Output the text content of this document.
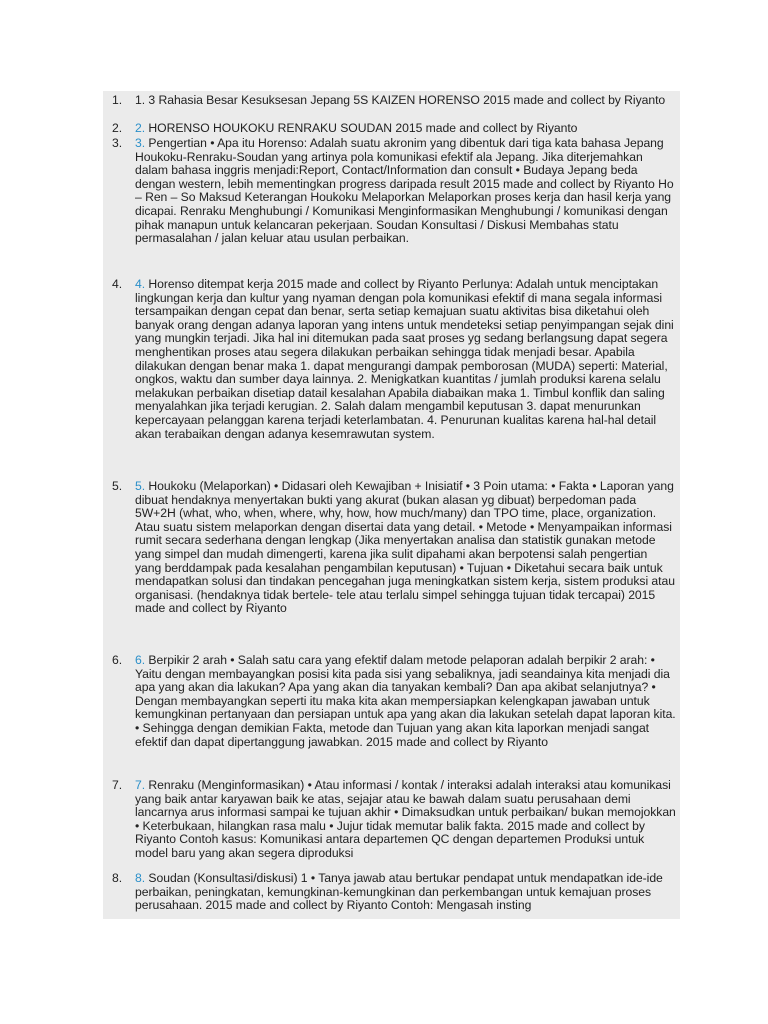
1.	1. 3 Rahasia Besar Kesuksesan Jepang 5S KAIZEN HORENSO 2015 made and collect by Riyanto
2.	2. HORENSO HOUKOKU RENRAKU SOUDAN 2015 made and collect by Riyanto
3.	3. Pengertian • Apa itu Horenso: Adalah suatu akronim yang dibentuk dari tiga kata bahasa Jepang Houkoku-Renraku-Soudan yang artinya pola komunikasi efektif ala Jepang. Jika diterjemahkan dalam bahasa inggris menjadi:Report, Contact/Information dan consult • Budaya Jepang beda dengan western, lebih mementingkan progress daripada result 2015 made and collect by Riyanto Ho – Ren – So Maksud Keterangan Houkoku Melaporkan Melaporkan proses kerja dan hasil kerja yang dicapai. Renraku Menghubungi / Komunikasi Menginformasikan Menghubungi / komunikasi dengan pihak manapun untuk kelancaran pekerjaan. Soudan Konsultasi / Diskusi Membahas statu permasalahan / jalan keluar atau usulan perbaikan.
4.	4. Horenso ditempat kerja 2015 made and collect by Riyanto Perlunya: Adalah untuk menciptakan lingkungan kerja dan kultur yang nyaman dengan pola komunikasi efektif di mana segala informasi tersampaikan dengan cepat dan benar, serta setiap kemajuan suatu aktivitas bisa diketahui oleh banyak orang dengan adanya laporan yang intens untuk mendeteksi setiap penyimpangan sejak dini yang mungkin terjadi. Jika hal ini ditemukan pada saat proses yg sedang berlangsung dapat segera menghentikan proses atau segera dilakukan perbaikan sehingga tidak menjadi besar. Apabila dilakukan dengan benar maka 1. dapat mengurangi dampak pemborosan (MUDA) seperti: Material, ongkos, waktu dan sumber daya lainnya. 2. Menigkatkan kuantitas / jumlah produksi karena selalu melakukan perbaikan disetiap datail kesalahan Apabila diabaikan maka 1. Timbul konflik dan saling menyalahkan jika terjadi kerugian. 2. Salah dalam mengambil keputusan 3. dapat menurunkan kepercayaan pelanggan karena terjadi keterlambatan. 4. Penurunan kualitas karena hal-hal detail akan terabaikan dengan adanya kesemrawutan system.
5.	5. Houkoku (Melaporkan) • Didasari oleh Kewajiban + Inisiatif • 3 Poin utama: • Fakta • Laporan yang dibuat hendaknya menyertakan bukti yang akurat (bukan alasan yg dibuat) berpedoman pada 5W+2H (what, who, when, where, why, how, how much/many) dan TPO time, place, organization. Atau suatu sistem melaporkan dengan disertai data yang detail. • Metode • Menyampaikan informasi rumit secara sederhana dengan lengkap (Jika menyertakan analisa dan statistik gunakan metode yang simpel dan mudah dimengerti, karena jika sulit dipahami akan berpotensi salah pengertian yang berddampak pada kesalahan pengambilan keputusan) • Tujuan • Diketahui secara baik untuk mendapatkan solusi dan tindakan pencegahan juga meningkatkan sistem kerja, sistem produksi atau organisasi. (hendaknya tidak bertele- tele atau terlalu simpel sehingga tujuan tidak tercapai) 2015 made and collect by Riyanto
6.	6. Berpikir 2 arah • Salah satu cara yang efektif dalam metode pelaporan adalah berpikir 2 arah: • Yaitu dengan membayangkan posisi kita pada sisi yang sebaliknya, jadi seandainya kita menjadi dia apa yang akan dia lakukan? Apa yang akan dia tanyakan kembali? Dan apa akibat selanjutnya? • Dengan membayangkan seperti itu maka kita akan mempersiapkan kelengkapan jawaban untuk kemungkinan pertanyaan dan persiapan untuk apa yang akan dia lakukan setelah dapat laporan kita. • Sehingga dengan demikian Fakta, metode dan Tujuan yang akan kita laporkan menjadi sangat efektif dan dapat dipertanggung jawabkan. 2015 made and collect by Riyanto
7.	7. Renraku (Menginformasikan) • Atau informasi / kontak / interaksi adalah interaksi atau komunikasi yang baik antar karyawan baik ke atas, sejajar atau ke bawah dalam suatu perusahaan demi lancarnya arus informasi sampai ke tujuan akhir • Dimaksudkan untuk perbaikan/ bukan memojokkan • Keterbukaan, hilangkan rasa malu • Jujur tidak memutar balik fakta. 2015 made and collect by Riyanto Contoh kasus: Komunikasi antara departemen QC dengan departemen Produksi untuk model baru yang akan segera diproduksi
8.	8. Soudan (Konsultasi/diskusi) 1 • Tanya jawab atau bertukar pendapat untuk mendapatkan ide-ide perbaikan, peningkatan, kemungkinan-kemungkinan dan perkembangan untuk kemajuan proses perusahaan. 2015 made and collect by Riyanto Contoh: Mengasah insting
